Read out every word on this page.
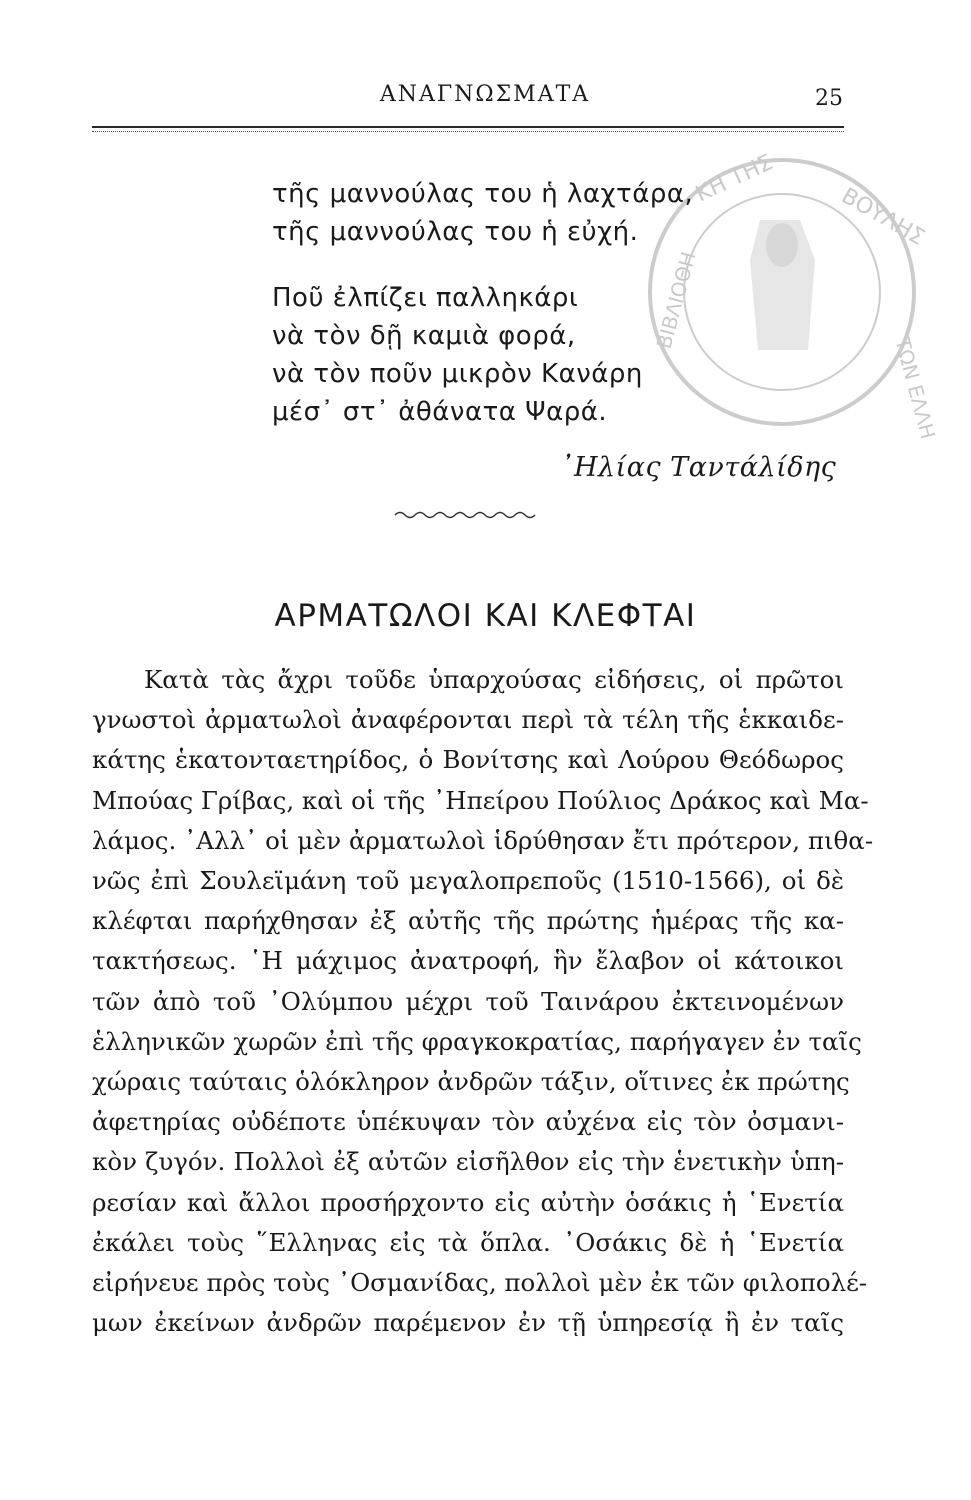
ΑΝΑΓΝΩΣΜΑΤΑ	25
ΚΗ ΤΗΣ
ΒΟΥΛΗΣ
ΒΙΒΛΙΟΘΗ
ΤΩΝ ΕΛΛΗ
τῆς μαννούλας του ἡ λαχτάρα,
τῆς μαννούλας του ἡ εὐχή.
Ποῦ ἐλπίζει παλληκάρι
νὰ τὸν δῇ καμιὰ φορά,
νὰ τὸν ποῦν μικρὸν Κανάρη
μέσ᾽ στ᾽ ἀθάνατα Ψαρά.
᾽Ηλίας Ταντάλίδης
ΑΡΜΑΤΩΛΟΙ ΚΑΙ ΚΛΕΦΤΑΙ
Κατὰ τὰς ἄχρι τοῦδε ὑπαρχούσας εἰδήσεις, οἱ πρῶτοι
γνωστοὶ ἀρματωλοὶ ἀναφέρονται περὶ τὰ τέλη τῆς ἑκκαιδε-
κάτης ἑκατονταετηρίδος, ὁ Βονίτσης καὶ Λούρου Θεόδωρος
Μπούας Γρίβας, καὶ οἱ τῆς ᾽Ηπείρου Πούλιος Δράκος καὶ Μα-
λάμος. ᾽Αλλ᾽ οἱ μὲν ἀρματωλοὶ ἱδρύθησαν ἔτι πρότερον, πιθα-
νῶς ἐπὶ Σουλεϊμάνη τοῦ μεγαλοπρεποῦς (1510-1566), οἱ δὲ
κλέφται παρήχθησαν ἐξ αὐτῆς τῆς πρώτης ἡμέρας τῆς κα-
τακτήσεως. ῾Η μάχιμος ἀνατροφή, ἣν ἔλαβον οἱ κάτοικοι
τῶν ἀπὸ τοῦ ᾽Ολύμπου μέχρι τοῦ Ταινάρου ἐκτεινομένων
ἑλληνικῶν χωρῶν ἐπὶ τῆς φραγκοκρατίας, παρήγαγεν ἐν ταῖς
χώραις ταύταις ὁλόκληρον ἀνδρῶν τάξιν, οἵτινες ἐκ πρώτης
ἀφετηρίας οὐδέποτε ὑπέκυψαν τὸν αὐχένα εἰς τὸν ὀσμανι-
κὸν ζυγόν. Πολλοὶ ἐξ αὐτῶν εἰσῆλθον εἰς τὴν ἑνετικὴν ὑπη-
ρεσίαν καὶ ἄλλοι προσήρχοντο εἰς αὐτὴν ὁσάκις ἡ ῾Ενετία
ἐκάλει τοὺς ῞Ελληνας εἰς τὰ ὅπλα. ᾽Οσάκις δὲ ἡ ῾Ενετία
εἰρήνευε πρὸς τοὺς ᾽Οσμανίδας, πολλοὶ μὲν ἐκ τῶν φιλοπολέ-
μων ἐκείνων ἀνδρῶν παρέμενον ἐν τῇ ὑπηρεσίᾳ ἢ ἐν ταῖς
